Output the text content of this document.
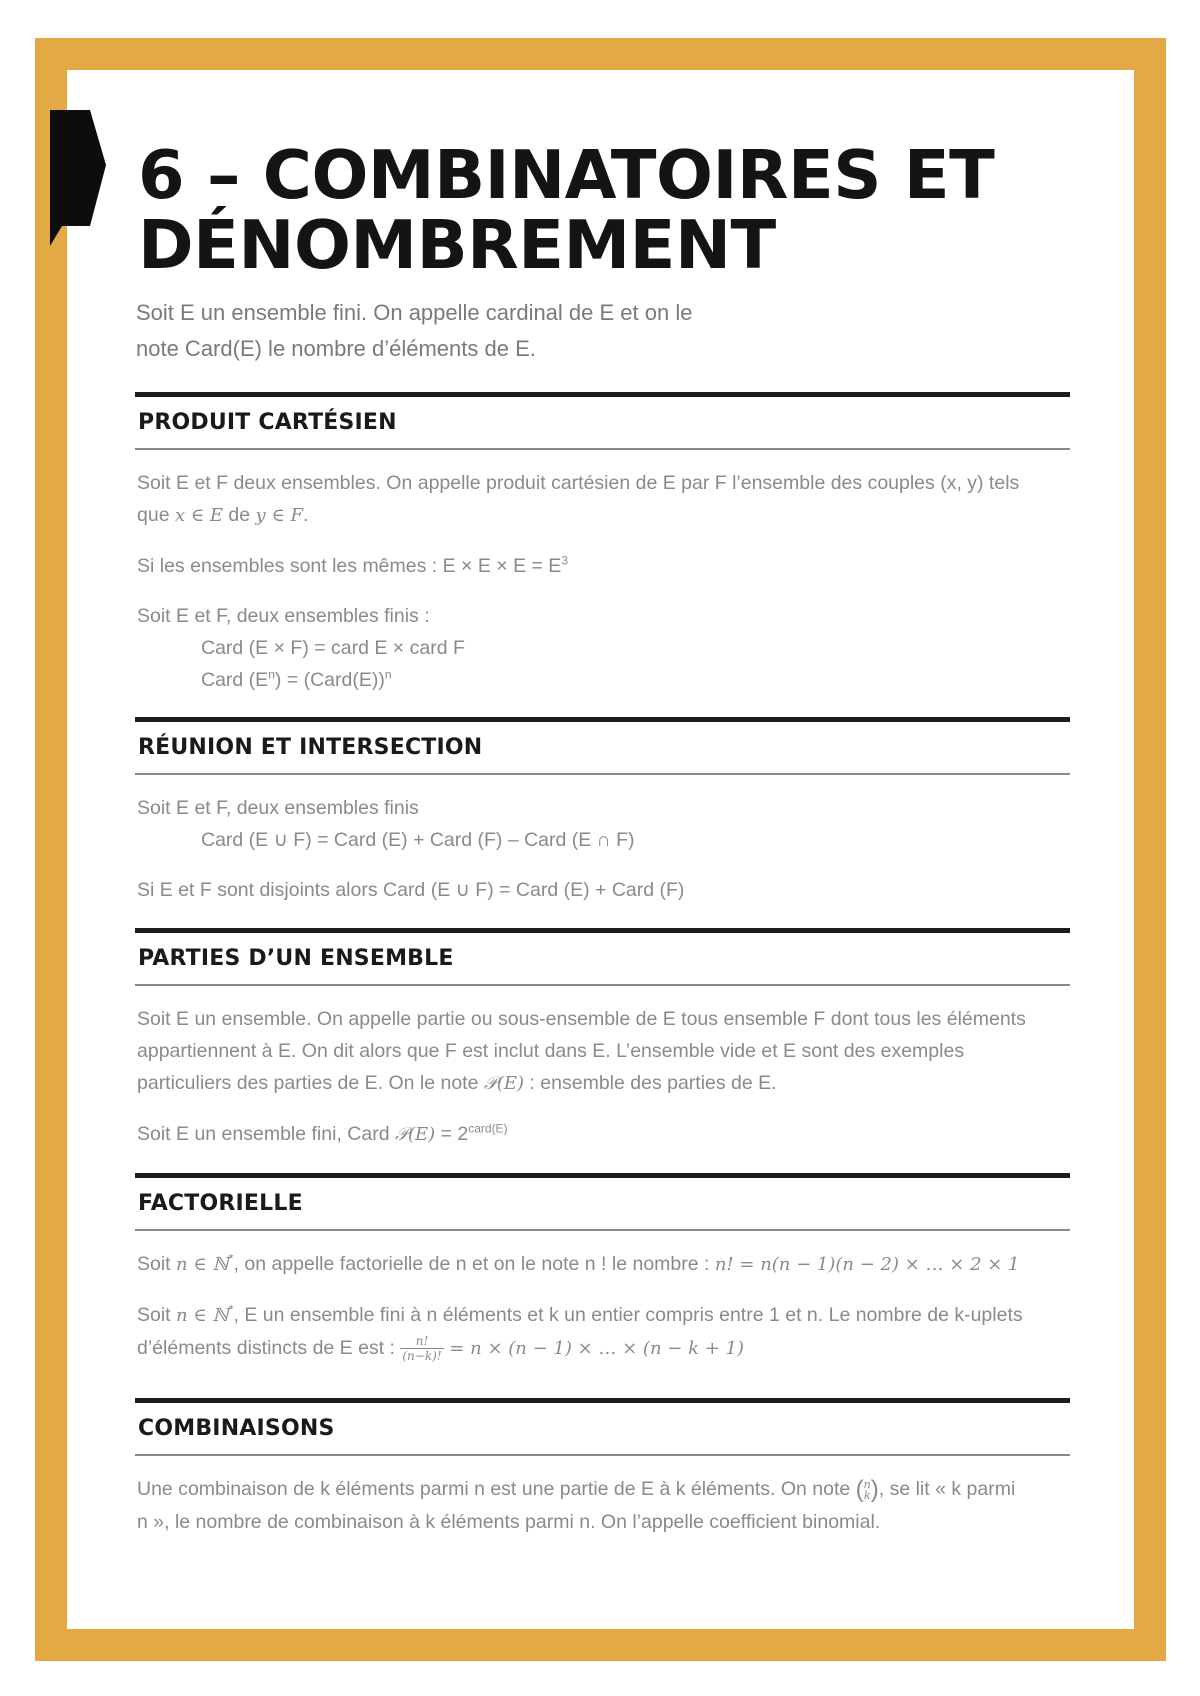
6 – COMBINATOIRES ET
DÉNOMBREMENT
Soit E un ensemble fini. On appelle cardinal de E et on le
note Card(E) le nombre d’éléments de E.
PRODUIT CARTÉSIEN

Soit E et F deux ensembles. On appelle produit cartésien de E par F l’ensemble des couples (x, y) tels
que x ∈ E de y ∈ F.

Si les ensembles sont les mêmes : $E \times E \times E = E^3$

Soit E et F, deux ensembles finis :
Card (E × F) = card E × card F
Card $(E^n)$ = (Card(E))$^n$

RÉUNION ET INTERSECTION

Soit E et F, deux ensembles finis
Card (E ∪ F) = Card (E) + Card (F) – Card (E ∩ F)

Si E et F sont disjoints alors Card (E ∪ F) = Card (E) + Card (F)

PARTIES D’UN ENSEMBLE

Soit E un ensemble. On appelle partie ou sous-ensemble de E tous ensemble F dont tous les éléments
appartiennent à E. On dit alors que F est inclut dans E. L’ensemble vide et E sont des exemples
particuliers des parties de E. On le note 𝒫(E) : ensemble des parties de E.

Soit E un ensemble fini, Card 𝒫(E) = $2^{card(E)}$

FACTORIELLE

Soit n ∈ ℕ*, on appelle factorielle de n et on le note n ! le nombre : n! = n(n − 1)(n − 2) × … × 2 × 1

Soit n ∈ ℕ*, E un ensemble fini à n éléments et k un entier compris entre 1 et n. Le nombre de k-uplets
d’éléments distincts de E est : $\frac{n!}{(n-k)!} = n \times (n - 1)$ × … × (n − k + 1)

COMBINAISONS

Une combinaison de k éléments parmi n est une partie de E à k éléments. On note ( n
k ), se lit « k parmi
n », le nombre de combinaison à k éléments parmi n. On l’appelle coefficient binomial.
